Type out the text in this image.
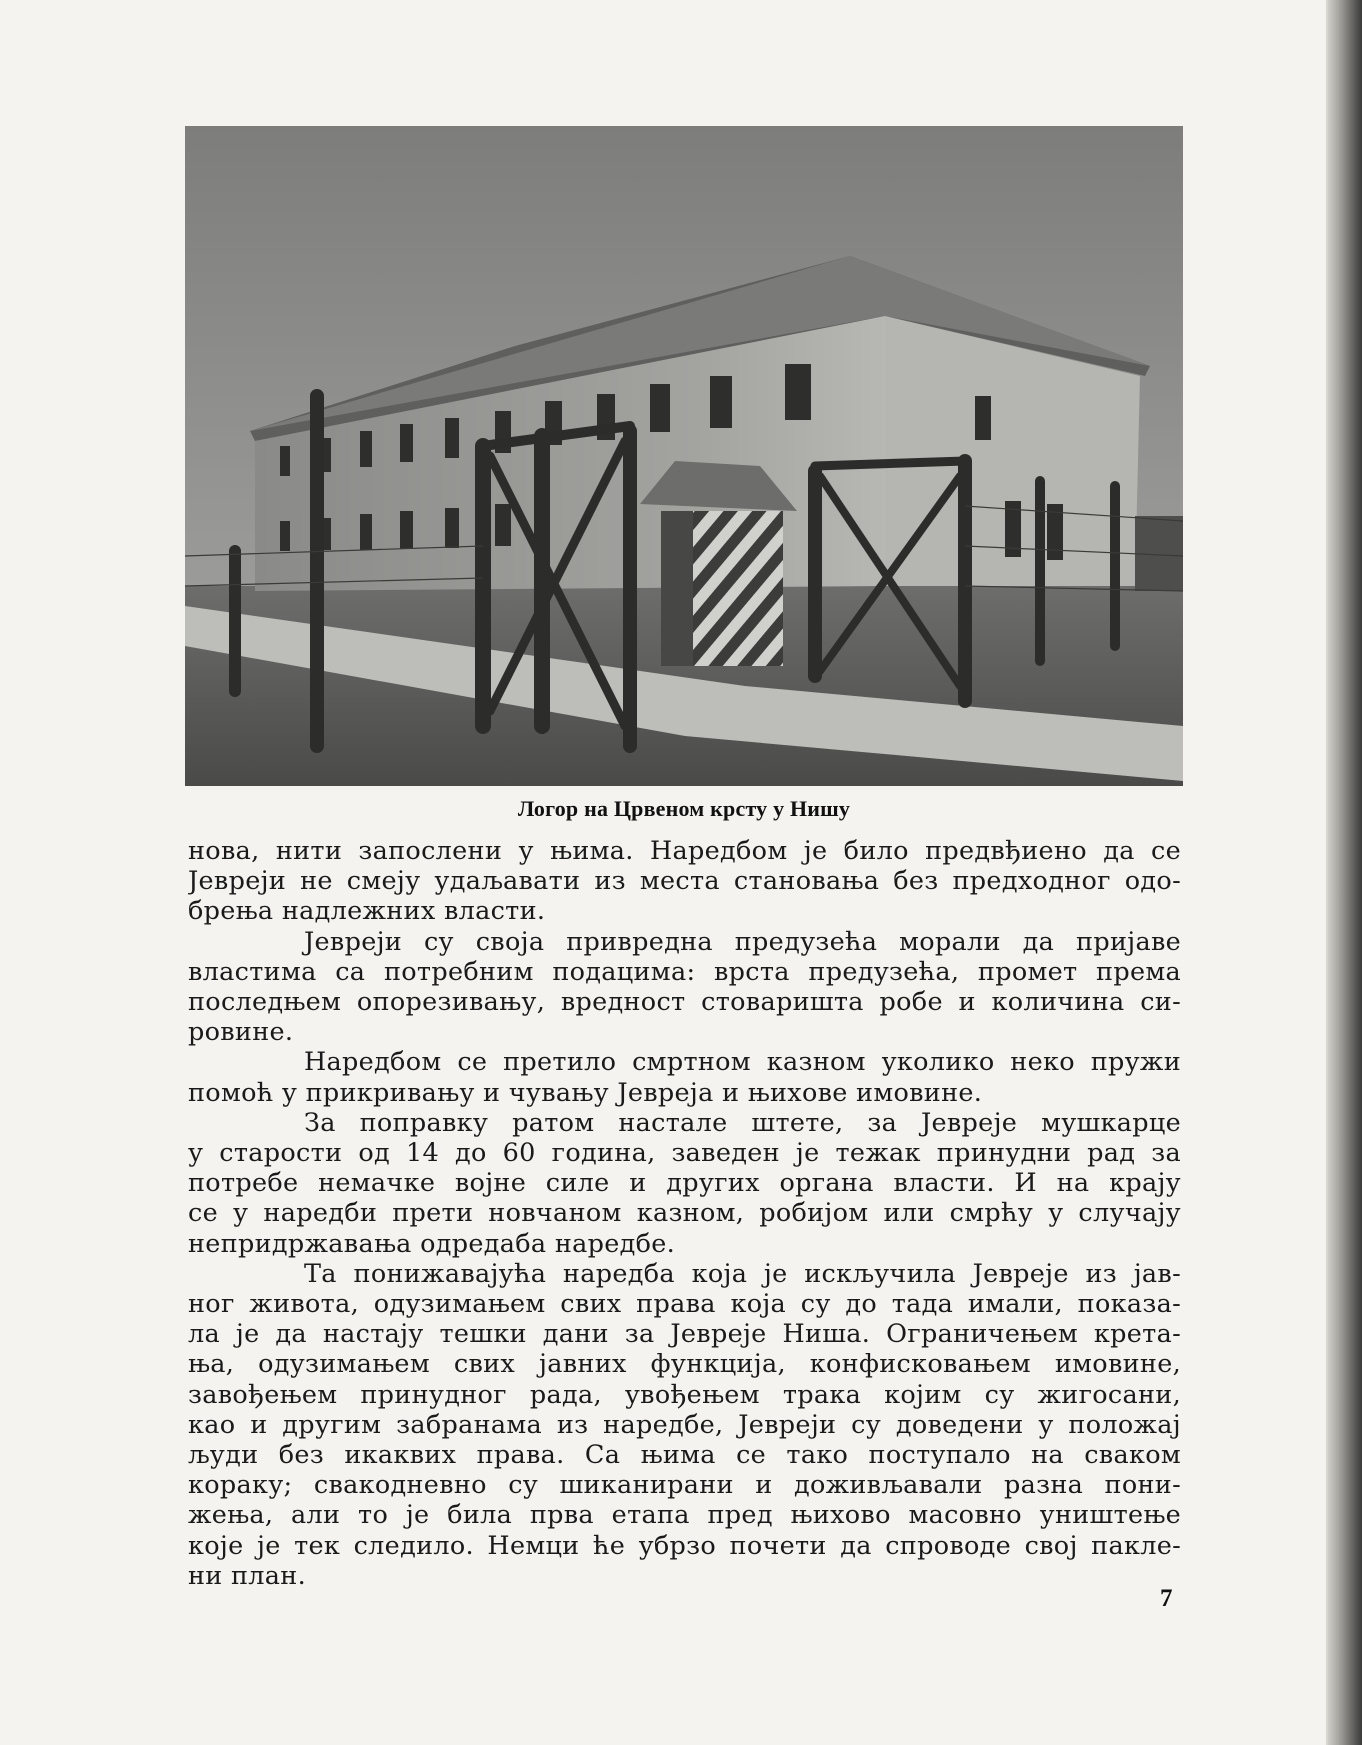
Логор на Црвеном крсту у Нишу
нова, нити запослени у њима. Наредбом је било предвђиено да се
Јевреји не смеју удаљавати из места становања без предходног одо-
брења надлежних власти.
Јевреји су своја привредна предузећа морали да пријаве
властима са потребним подацима: врста предузећа, промет према
последњем опорезивању, вредност стоваришта робе и количина си-
ровине.
Наредбом се претило смртном казном уколико неко пружи
помоћ у прикривању и чувању Јевреја и њихове имовине.
За поправку ратом настале штете, за Јевреје мушкарце
у старости од 14 до 60 година, заведен је тежак принудни рад за
потребе немачке војне силе и других органа власти. И на крају
се у наредби прети новчаном казном, робијом или смрћу у случају
непридржавања одредаба наредбе.
Та понижавајућа наредба која је искључила Јевреје из јав-
ног живота, одузимањем свих права која су до тада имали, показа-
ла је да настају тешки дани за Јевреје Ниша. Ограничењем крета-
ња, одузимањем свих јавних функција, конфисковањем имовине,
завођењем принудног рада, увођењем трака којим су жигосани,
као и другим забранама из наредбе, Јевреји су доведени у положај
људи без икаквих права. Са њима се тако поступало на сваком
кораку; свакодневно су шиканирани и доживљавали разна пони-
жења, али то је била прва етапа пред њихово масовно уништење
које је тек следило. Немци ће убрзо почети да спроводе свој пакле-
ни план.
7
